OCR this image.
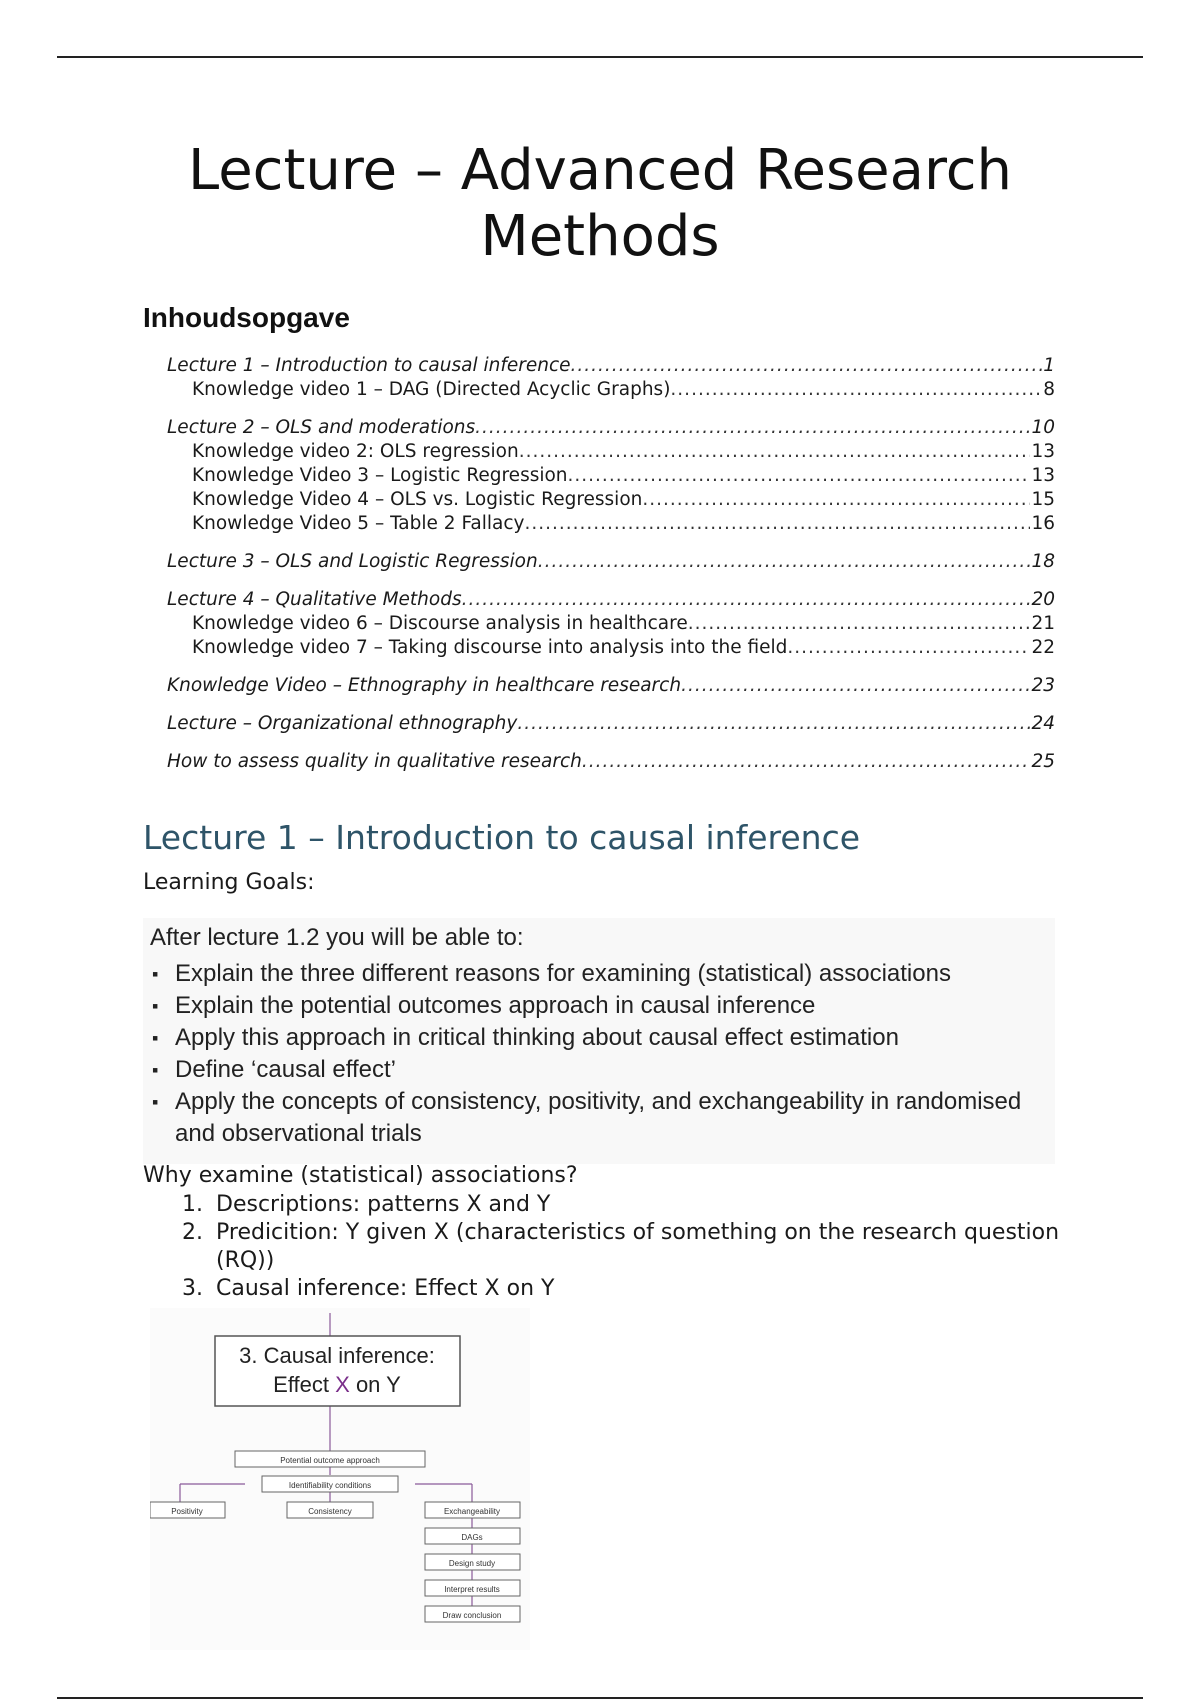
Lecture – Advanced Research Methods
Inhoudsopgave
Lecture 1 – Introduction to causal inference .....	1
Knowledge video 1 – DAG (Directed Acyclic Graphs) .....	8
Lecture 2 – OLS and moderations .....	10
Knowledge video 2: OLS regression .....	13
Knowledge Video 3 – Logistic Regression .....	13
Knowledge Video 4 – OLS vs. Logistic Regression .....	15
Knowledge Video 5 – Table 2 Fallacy .....	16
Lecture 3 – OLS and Logistic Regression .....	18
Lecture 4 – Qualitative Methods .....	20
Knowledge video 6 – Discourse analysis in healthcare .....	21
Knowledge video 7 – Taking discourse into analysis into the field .....	22
Knowledge Video – Ethnography in healthcare research .....	23
Lecture – Organizational ethnography .....	24
How to assess quality in qualitative research .....	25
Lecture 1 – Introduction to causal inference
Learning Goals:
After lecture 1.2 you will be able to:
▪ Explain the three different reasons for examining (statistical) associations
▪ Explain the potential outcomes approach in causal inference
▪ Apply this approach in critical thinking about causal effect estimation
▪ Define ‘causal effect’
▪ Apply the concepts of consistency, positivity, and exchangeability in randomised and observational trials
Why examine (statistical) associations?
1. Descriptions: patterns X and Y
2. Predicition: Y given X (characteristics of something on the research question (RQ))
3. Causal inference: Effect X on Y
3. Causal inference:
Effect X on Y
Potential outcome approach
Identifiability conditions
Positivity	Consistency	Exchangeability
DAGs
Design study
Interpret results
Draw conclusion
